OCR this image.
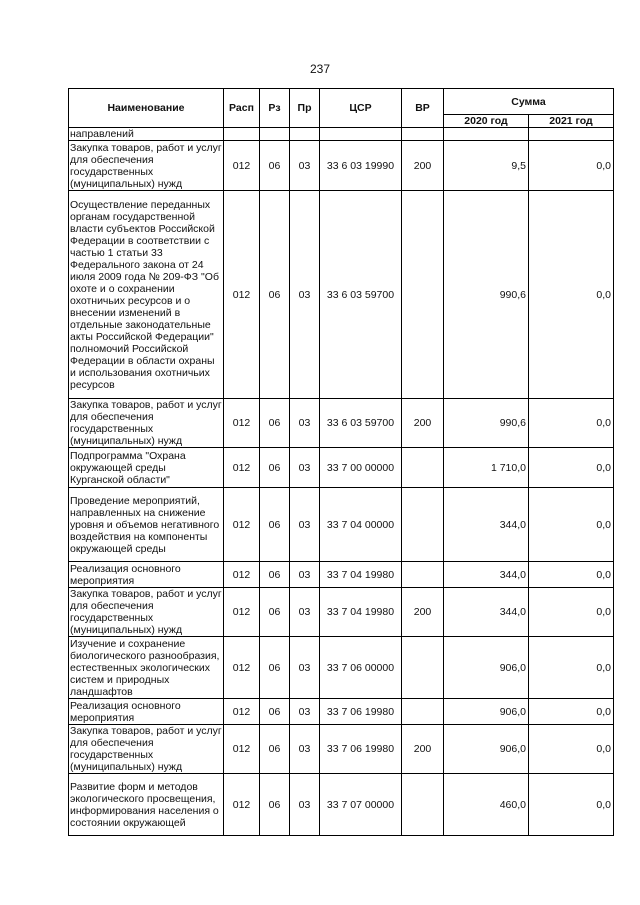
237
Наименование	Расп	Рз	Пр	ЦСР	ВР	Сумма	
						2020 год	2021 год
направлений							
Закупка товаров, работ и услуг для обеспечения государственных (муниципальных) нужд	012	06	03	33 6 03 19990	200	9,5	0,0
Осуществление переданных органам государственной власти субъектов Российской Федерации в соответствии с частью 1 статьи 33 Федерального закона от 24 июля 2009 года № 209-ФЗ "Об охоте и о сохранении охотничьих ресурсов и о внесении изменений в отдельные законодательные акты Российской Федерации" полномочий Российской Федерации в области охраны и использования охотничьих ресурсов	012	06	03	33 6 03 59700		990,6	0,0
Закупка товаров, работ и услуг для обеспечения государственных (муниципальных) нужд	012	06	03	33 6 03 59700	200	990,6	0,0
Подпрограмма "Охрана окружающей среды Курганской области"	012	06	03	33 7 00 00000		1 710,0	0,0
Проведение мероприятий, направленных на снижение уровня и объемов негативного воздействия на компоненты окружающей среды	012	06	03	33 7 04 00000		344,0	0,0
Реализация основного мероприятия	012	06	03	33 7 04 19980		344,0	0,0
Закупка товаров, работ и услуг для обеспечения государственных (муниципальных) нужд	012	06	03	33 7 04 19980	200	344,0	0,0
Изучение и сохранение биологического разнообразия, естественных экологических систем и природных ландшафтов	012	06	03	33 7 06 00000		906,0	0,0
Реализация основного мероприятия	012	06	03	33 7 06 19980		906,0	0,0
Закупка товаров, работ и услуг для обеспечения государственных (муниципальных) нужд	012	06	03	33 7 06 19980	200	906,0	0,0
Развитие форм и методов экологического просвещения, информирования населения о состоянии окружающей	012	06	03	33 7 07 00000		460,0	0,0
